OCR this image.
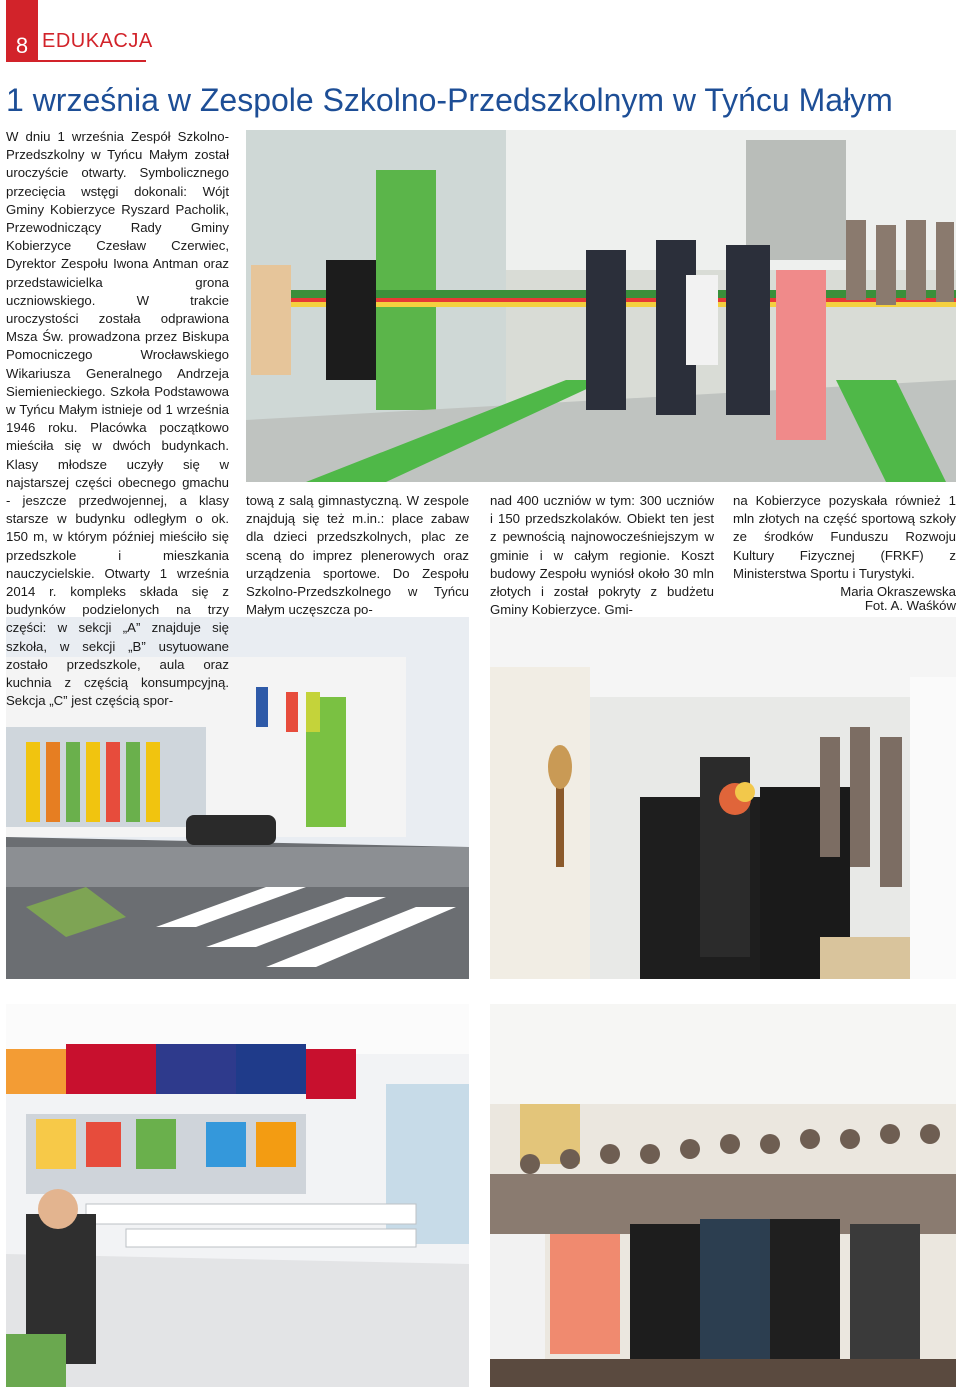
8 EDUKACJA
1 września w Zespole Szkolno-Przedszkolnym w Tyńcu Małym

W dniu 1 września Zespół Szkolno-Przedszkolny w Tyńcu Małym został uroczyście otwarty. Symbolicznego przecięcia wstęgi dokonali: Wójt Gminy Kobierzyce Ryszard Pacholik, Przewodniczący Rady Gminy Kobierzyce Czesław Czerwiec, Dyrektor Zespołu Iwona Antman oraz przedstawicielka grona uczniowskiego. W trakcie uroczystości została odprawiona Msza Św. prowadzona przez Biskupa Pomocniczego Wrocławskiego Wikariusza Generalnego Andrzeja Siemienieckiego. Szkoła Podstawowa w Tyńcu Małym istnieje od 1 września 1946 roku. Placówka początkowo mieściła się w dwóch budynkach. Klasy młodsze uczyły się w najstarszej części obecnego gmachu - jeszcze przedwojennej, a klasy starsze w budynku odległym o ok. 150 m, w którym później mieściło się przedszkole i mieszkania nauczycielskie. Otwarty 1 września 2014 r. kompleks składa się z budynków podzielonych na trzy części: w sekcji „A” znajduje się szkoła, w sekcji „B” usytuowane zostało przedszkole, aula oraz kuchnia z częścią konsumpcyjną. Sekcja „C” jest częścią spor-

tową z salą gimnastyczną. W zespole znajdują się też m.in.: place zabaw dla dzieci przedszkolnych, plac ze sceną do imprez plenerowych oraz urządzenia sportowe. Do Zespołu Szkolno-Przedszkolnego w Tyńcu Małym uczęszcza po-

nad 400 uczniów w tym: 300 uczniów i 150 przedszkolaków. Obiekt ten jest z pewnością najnowocześniejszym w gminie i w całym regionie. Koszt budowy Zespołu wyniósł około 30 mln złotych i został pokryty z budżetu Gminy Kobierzyce. Gmi-

na Kobierzyce pozyskała również 1 mln złotych na część sportową szkoły ze środków Funduszu Rozwoju Kultury Fizycznej (FRKF) z Ministerstwa Sportu i Turystyki.

Maria Okraszewska

Fot. A. Waśków
